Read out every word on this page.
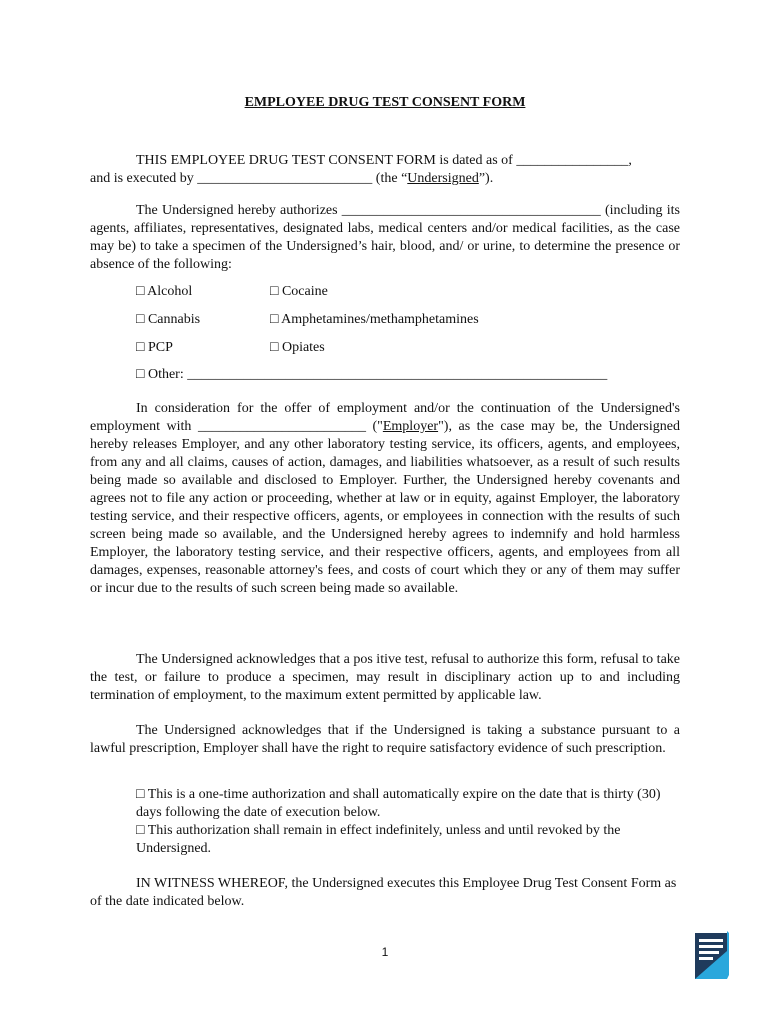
EMPLOYEE DRUG TEST CONSENT FORM
THIS EMPLOYEE DRUG TEST CONSENT FORM is dated as of ________________,
and is executed by _________________________ (the “Undersigned”).
The Undersigned hereby authorizes _____________________________________ (including its agents, affiliates, representatives, designated labs, medical centers and/or medical facilities, as the case may be) to take a specimen of the Undersigned’s hair, blood, and/ or urine, to determine the presence or absence of the following:
□ Alcohol	□ Cocaine
□ Cannabis	□ Amphetamines/methamphetamines
□ PCP	□ Opiates
□ Other: ____________________________________________________________
In consideration for the offer of employment and/or the continuation of the Undersigned's employment with ________________________ ("Employer"), as the case may be, the Undersigned hereby releases Employer, and any other laboratory testing service, its officers, agents, and employees, from any and all claims, causes of action, damages, and liabilities whatsoever, as a result of such results being made so available and disclosed to Employer. Further, the Undersigned hereby covenants and agrees not to file any action or proceeding, whether at law or in equity, against Employer, the laboratory testing service, and their respective officers, agents, or employees in connection with the results of such screen being made so available, and the Undersigned hereby agrees to indemnify and hold harmless Employer, the laboratory testing service, and their respective officers, agents, and employees from all damages, expenses, reasonable attorney's fees, and costs of court which they or any of them may suffer or incur due to the results of such screen being made so available.
The Undersigned acknowledges that a pos itive test, refusal to authorize this form, refusal to take the test, or failure to produce a specimen, may result in disciplinary action up to and including termination of employment, to the maximum extent permitted by applicable law.
The Undersigned acknowledges that if the Undersigned is taking a substance pursuant to a lawful prescription, Employer shall have the right to require satisfactory evidence of such prescription.
□ This is a one-time authorization and shall automatically expire on the date that is thirty (30) days following the date of execution below.
□ This authorization shall remain in effect indefinitely, unless and until revoked by the Undersigned.
IN WITNESS WHEREOF, the Undersigned executes this Employee Drug Test Consent Form as of the date indicated below.
1
